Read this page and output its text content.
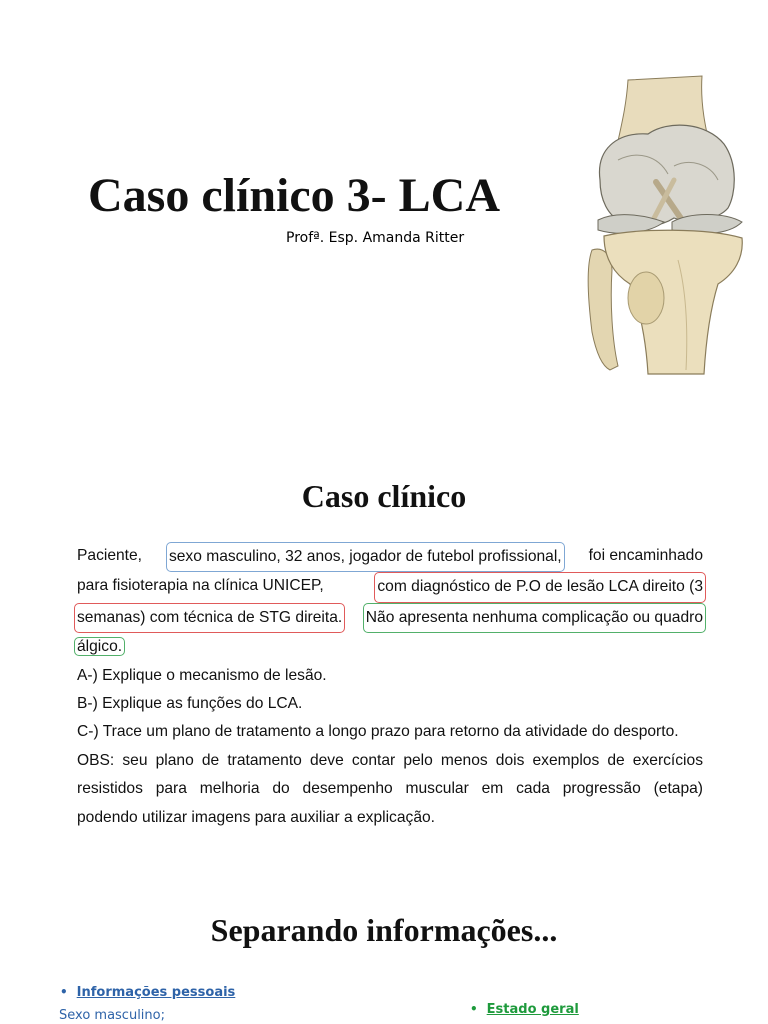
Caso clínico 3- LCA
Profª. Esp. Amanda Ritter
Caso clínico
Paciente, sexo masculino, 32 anos, jogador de futebol profissional, foi encaminhado
para fisioterapia na clínica UNICEP,	com diagnóstico de P.O de lesão LCA direito (3
semanas) com técnica de STG direita. Não apresenta nenhuma complicação ou quadro
álgico.
A-) Explique o mecanismo de lesão.
B-) Explique as funções do LCA.
C-) Trace um plano de tratamento a longo prazo para retorno da atividade do desporto.
OBS: seu plano de tratamento deve contar pelo menos dois exemplos de exercícios
resistidos para melhoria do desempenho muscular em cada progressão (etapa)
podendo utilizar imagens para auxiliar a explicação.
Separando informações...
• Informações pessoais
Sexo masculino;	• Estado geral
